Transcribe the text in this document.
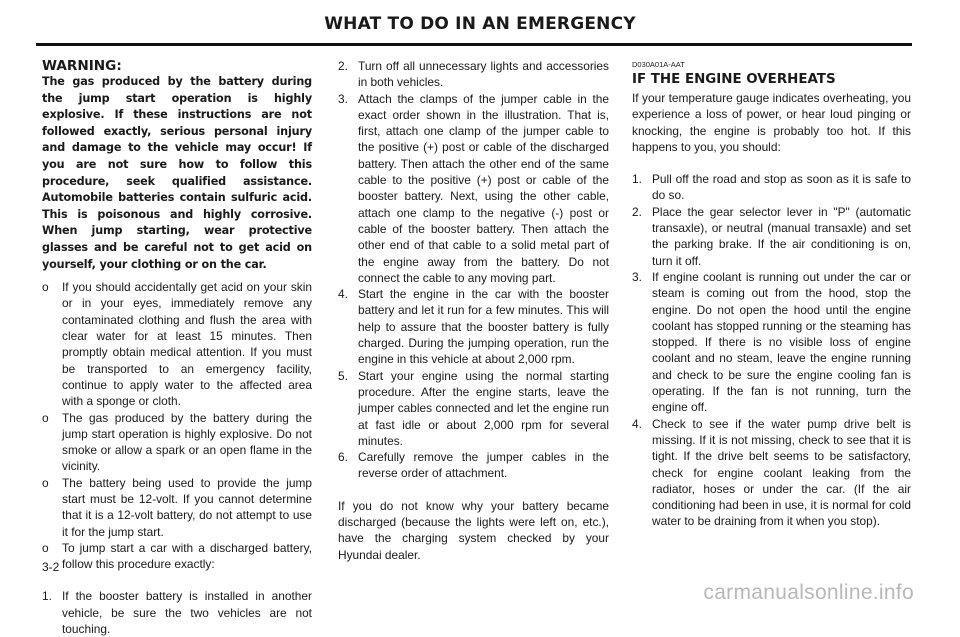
WHAT TO DO IN AN EMERGENCY
WARNING:
The gas produced by the battery during the jump start operation is highly explosive. If these instructions are not followed exactly, serious personal injury and damage to the vehicle may occur! If you are not sure how to follow this procedure, seek qualified assistance. Automobile batteries contain sulfuric acid. This is poisonous and highly corrosive. When jump starting, wear protective glasses and be careful not to get acid on yourself, your clothing or on the car.
o	If you should accidentally get acid on your skin or in your eyes, immediately remove any contaminated clothing and flush the area with clear water for at least 15 minutes. Then promptly obtain medical attention. If you must be transported to an emergency facility, continue to apply water to the affected area with a sponge or cloth.
o	The gas produced by the battery during the jump start operation is highly explosive. Do not smoke or allow a spark or an open flame in the vicinity.
o	The battery being used to provide the jump start must be 12-volt. If you cannot determine that it is a 12-volt battery, do not attempt to use it for the jump start.
o	To jump start a car with a discharged battery, follow this procedure exactly:
1. If the booster battery is installed in another vehicle, be sure the two vehicles are not touching.
2. Turn off all unnecessary lights and accessories in both vehicles.
3. Attach the clamps of the jumper cable in the exact order shown in the illustration. That is, first, attach one clamp of the jumper cable to the positive (+) post or cable of the discharged battery. Then attach the other end of the same cable to the positive (+) post or cable of the booster battery. Next, using the other cable, attach one clamp to the negative (-) post or cable of the booster battery. Then attach the other end of that cable to a solid metal part of the engine away from the battery. Do not connect the cable to any moving part.
4. Start the engine in the car with the booster battery and let it run for a few minutes. This will help to assure that the booster battery is fully charged. During the jumping operation, run the engine in this vehicle at about 2,000 rpm.
5. Start your engine using the normal starting procedure. After the engine starts, leave the jumper cables connected and let the engine run at fast idle or about 2,000 rpm for several minutes.
6. Carefully remove the jumper cables in the reverse order of attachment.
If you do not know why your battery became discharged (because the lights were left on, etc.), have the charging system checked by your Hyundai dealer.
D030A01A-AAT
IF THE ENGINE OVERHEATS
If your temperature gauge indicates overheating, you experience a loss of power, or hear loud pinging or knocking, the engine is probably too hot. If this happens to you, you should:
1. Pull off the road and stop as soon as it is safe to do so.
2. Place the gear selector lever in "P" (automatic transaxle), or neutral (manual transaxle) and set the parking brake. If the air conditioning is on, turn it off.
3. If engine coolant is running out under the car or steam is coming out from the hood, stop the engine. Do not open the hood until the engine coolant has stopped running or the steaming has stopped. If there is no visible loss of engine coolant and no steam, leave the engine running and check to be sure the engine cooling fan is operating. If the fan is not running, turn the engine off.
4. Check to see if the water pump drive belt is missing. If it is not missing, check to see that it is tight. If the drive belt seems to be satisfactory, check for engine coolant leaking from the radiator, hoses or under the car. (If the air conditioning had been in use, it is normal for cold water to be draining from it when you stop).
3-2
carmanualsonline.info
